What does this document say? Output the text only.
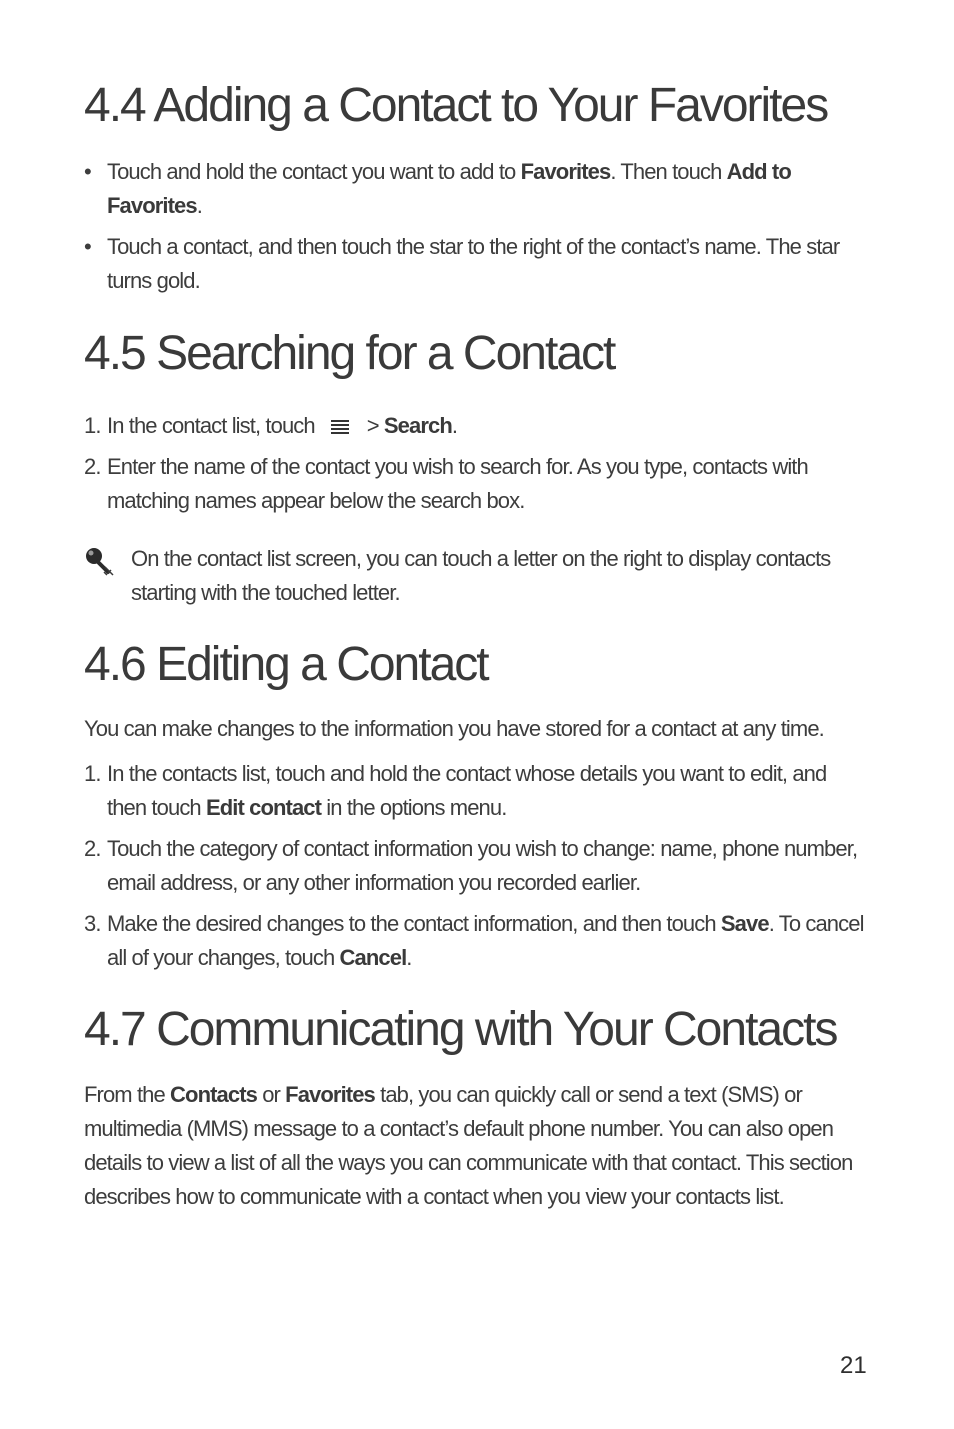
4.4 Adding a Contact to Your Favorites
• Touch and hold the contact you want to add to Favorites. Then touch Add to Favorites.
• Touch a contact, and then touch the star to the right of the contact’s name. The star turns gold.
4.5 Searching for a Contact
1. In the contact list, touch > Search.
2. Enter the name of the contact you wish to search for. As you type, contacts with matching names appear below the search box.
On the contact list screen, you can touch a letter on the right to display contacts starting with the touched letter.
4.6 Editing a Contact
You can make changes to the information you have stored for a contact at any time.
1. In the contacts list, touch and hold the contact whose details you want to edit, and then touch Edit contact in the options menu.
2. Touch the category of contact information you wish to change: name, phone number, email address, or any other information you recorded earlier.
3. Make the desired changes to the contact information, and then touch Save. To cancel all of your changes, touch Cancel.
4.7 Communicating with Your Contacts
From the Contacts or Favorites tab, you can quickly call or send a text (SMS) or multimedia (MMS) message to a contact’s default phone number. You can also open details to view a list of all the ways you can communicate with that contact. This section describes how to communicate with a contact when you view your contacts list.
21
